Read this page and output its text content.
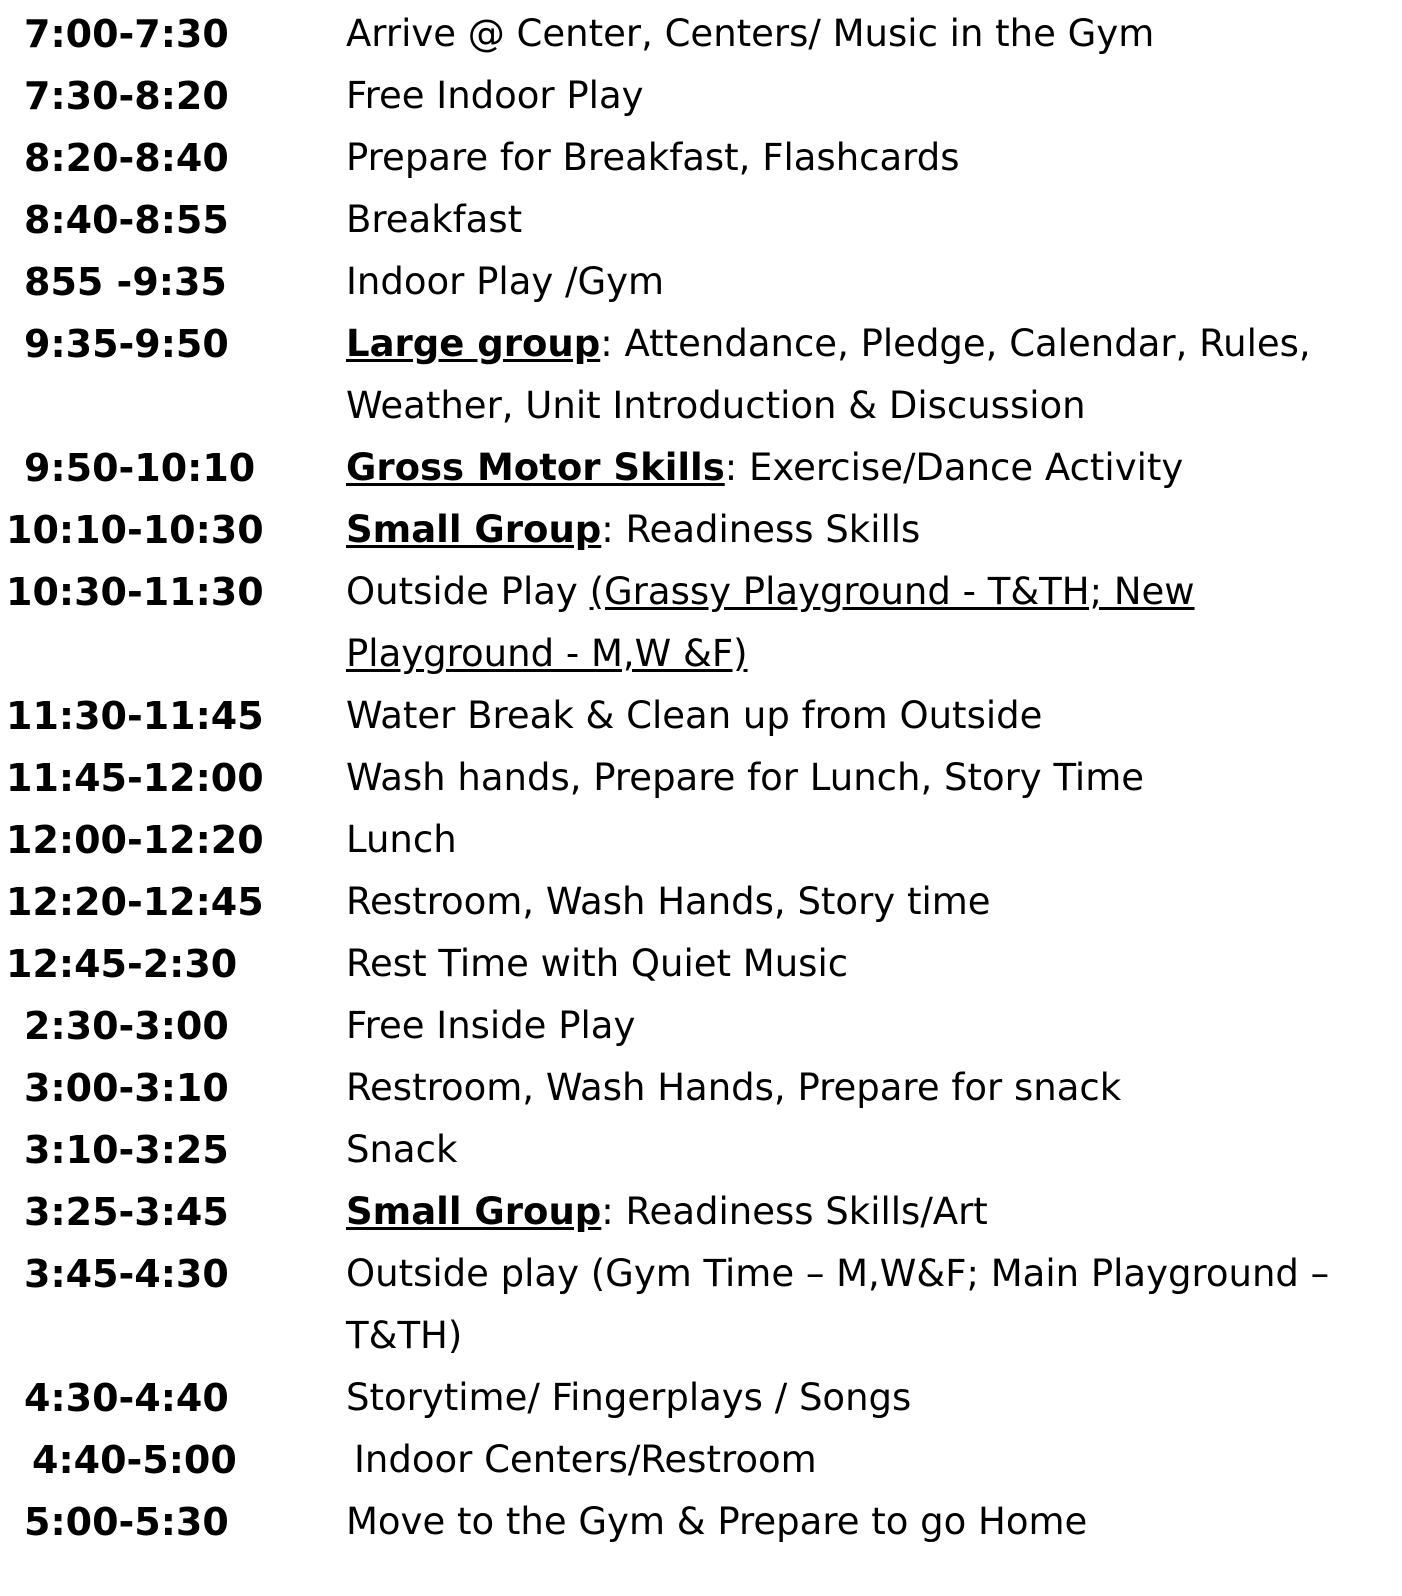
7:00-7:30	Arrive @ Center, Centers/ Music in the Gym
7:30-8:20	Free Indoor Play
8:20-8:40	Prepare for Breakfast, Flashcards
8:40-8:55	Breakfast
855 -9:35	Indoor Play /Gym
9:35-9:50	Large group: Attendance, Pledge, Calendar, Rules,
Weather, Unit Introduction & Discussion
9:50-10:10	Gross Motor Skills: Exercise/Dance Activity
10:10-10:30	Small Group: Readiness Skills
10:30-11:30	Outside Play (Grassy Playground - T&TH; New
Playground - M,W &F)
11:30-11:45	Water Break & Clean up from Outside
11:45-12:00	Wash hands, Prepare for Lunch, Story Time
12:00-12:20	Lunch
12:20-12:45	Restroom, Wash Hands, Story time
12:45-2:30	Rest Time with Quiet Music
2:30-3:00	Free Inside Play
3:00-3:10	Restroom, Wash Hands, Prepare for snack
3:10-3:25	Snack
3:25-3:45	Small Group: Readiness Skills/Art
3:45-4:30	Outside play (Gym Time – M,W&F; Main Playground –
T&TH)
4:30-4:40	Storytime/ Fingerplays / Songs
4:40-5:00	Indoor Centers/Restroom
5:00-5:30	Move to the Gym & Prepare to go Home
